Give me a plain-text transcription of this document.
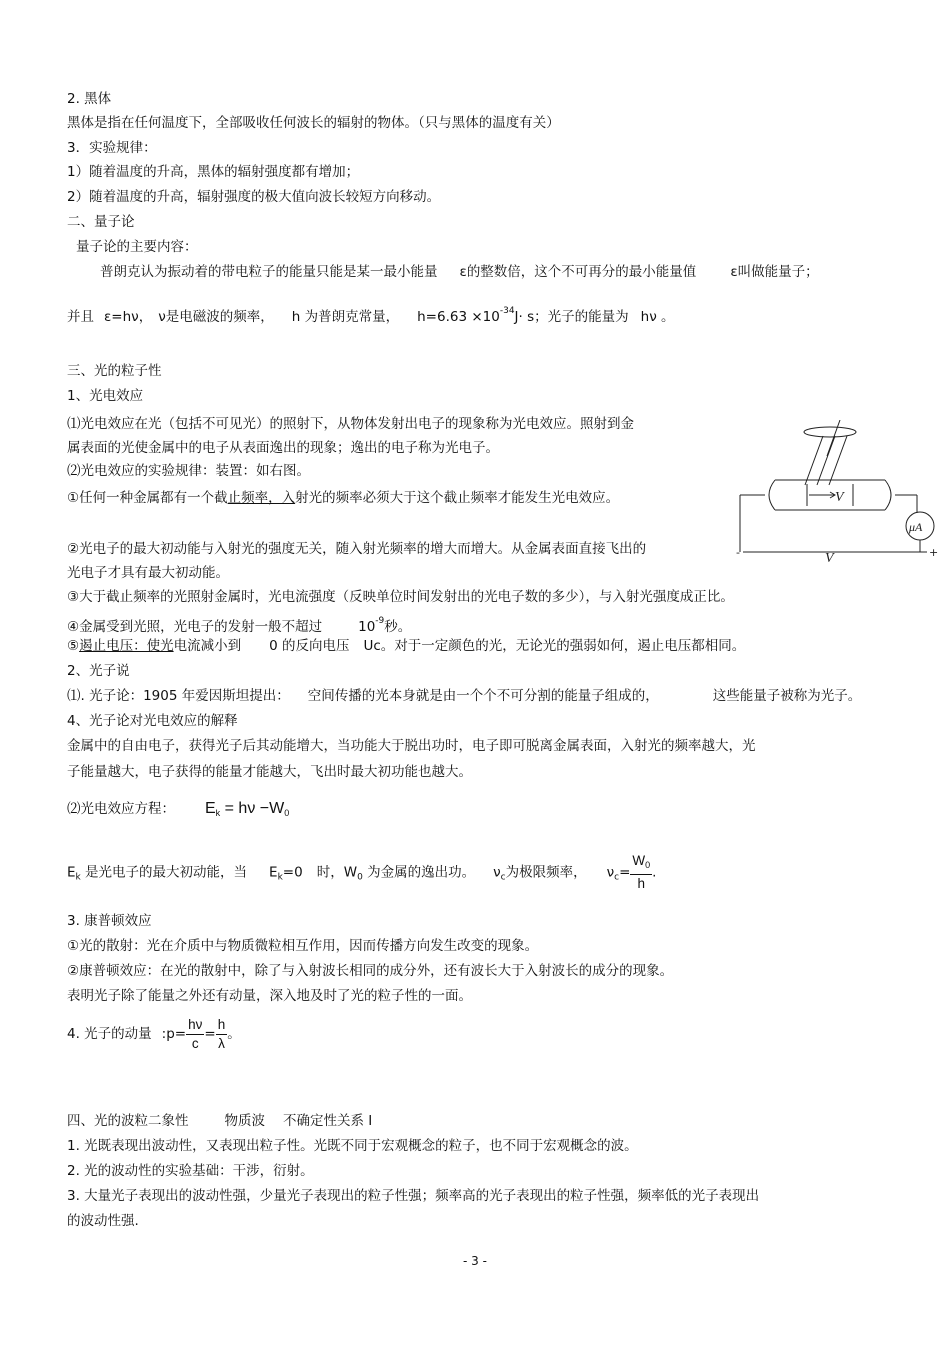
2. 黑体
黑体是指在任何温度下，全部吸收任何波长的辐射的物体。（只与黑体的温度有关）
3．实验规律：
1）随着温度的升高，黑体的辐射强度都有增加；
2）随着温度的升高，辐射强度的极大值向波长较短方向移动。
二、量子论
量子论的主要内容：
普朗克认为振动着的带电粒子的能量只能是某一最小能量 ε的整数倍，这个不可再分的最小能量值	ε叫做能量子；
并且 ε=hν， ν是电磁波的频率， h 为普朗克常量， $h=6.63 \times 10^{-34}J\cdot s$；光子的能量为 hν 。
三、光的粒子性
1、光电效应
⑴光电效应在光（包括不可见光）的照射下，从物体发射出电子的现象称为光电效应。照射到金属表面的光使金属中的电子从表面逸出的现象；逸出的电子称为光电子。
⑵光电效应的实验规律：装置：如右图。
①任何一种金属都有一个截止频率，入射光的频率必须大于这个截止频率才能发生光电效应。
②光电子的最大初动能与入射光的强度无关，随入射光频率的增大而增大。从金属表面直接飞出的光电子才具有最大初动能。
③大于截止频率的光照射金属时，光电流强度（反映单位时间发射出的光电子数的多少），与入射光强度成正比。
④金属受到光照，光电子的发射一般不超过	$10^{-9}$秒。
⑤遏止电压：使光电流减小到 0 的反向电压 Uc。对于一定颜色的光，无论光的强弱如何，遏止电压都相同。
2、光子说
⑴. 光子论：1905 年爱因斯坦提出： 空间传播的光本身就是由一个个不可分割的能量子组成的，	这些能量子被称为光子。
4、光子论对光电效应的解释
金属中的自由电子，获得光子后其动能增大，当功能大于脱出功时，电子即可脱离金属表面，入射光的频率越大，光
子能量越大，电子获得的能量才能越大，飞出时最大初功能也越大。
⑵光电效应方程： $E_k = h\nu -W_0$
$E_k$ 是光电子的最大初动能，当 $E_k=0$ 时，$W_0$ 为金属的逸出功。 $\nu_c$为极限频率， $\nu_c= \frac{W_0}{h}$ .
3. 康普顿效应
①光的散射：光在介质中与物质微粒相互作用，因而传播方向发生改变的现象。
②康普顿效应：在光的散射中，除了与入射波长相同的成分外，还有波长大于入射波长的成分的现象。
表明光子除了能量之外还有动量，深入地及时了光的粒子性的一面。
4. 光子的动量 :p= $\frac{h\nu}{c} = \frac{h}{\lambda}$ 。
四、光的波粒二象性	物质波 不确定性关系 I
1. 光既表现出波动性，又表现出粒子性。光既不同于宏观概念的粒子，也不同于宏观概念的波。
2. 光的波动性的实验基础：干涉，衍射。
3. 大量光子表现出的波动性强，少量光子表现出的粒子性强；频率高的光子表现出的粒子性强，频率低的光子表现出
的波动性强.
V
V
μA
-	+
- 3 -
